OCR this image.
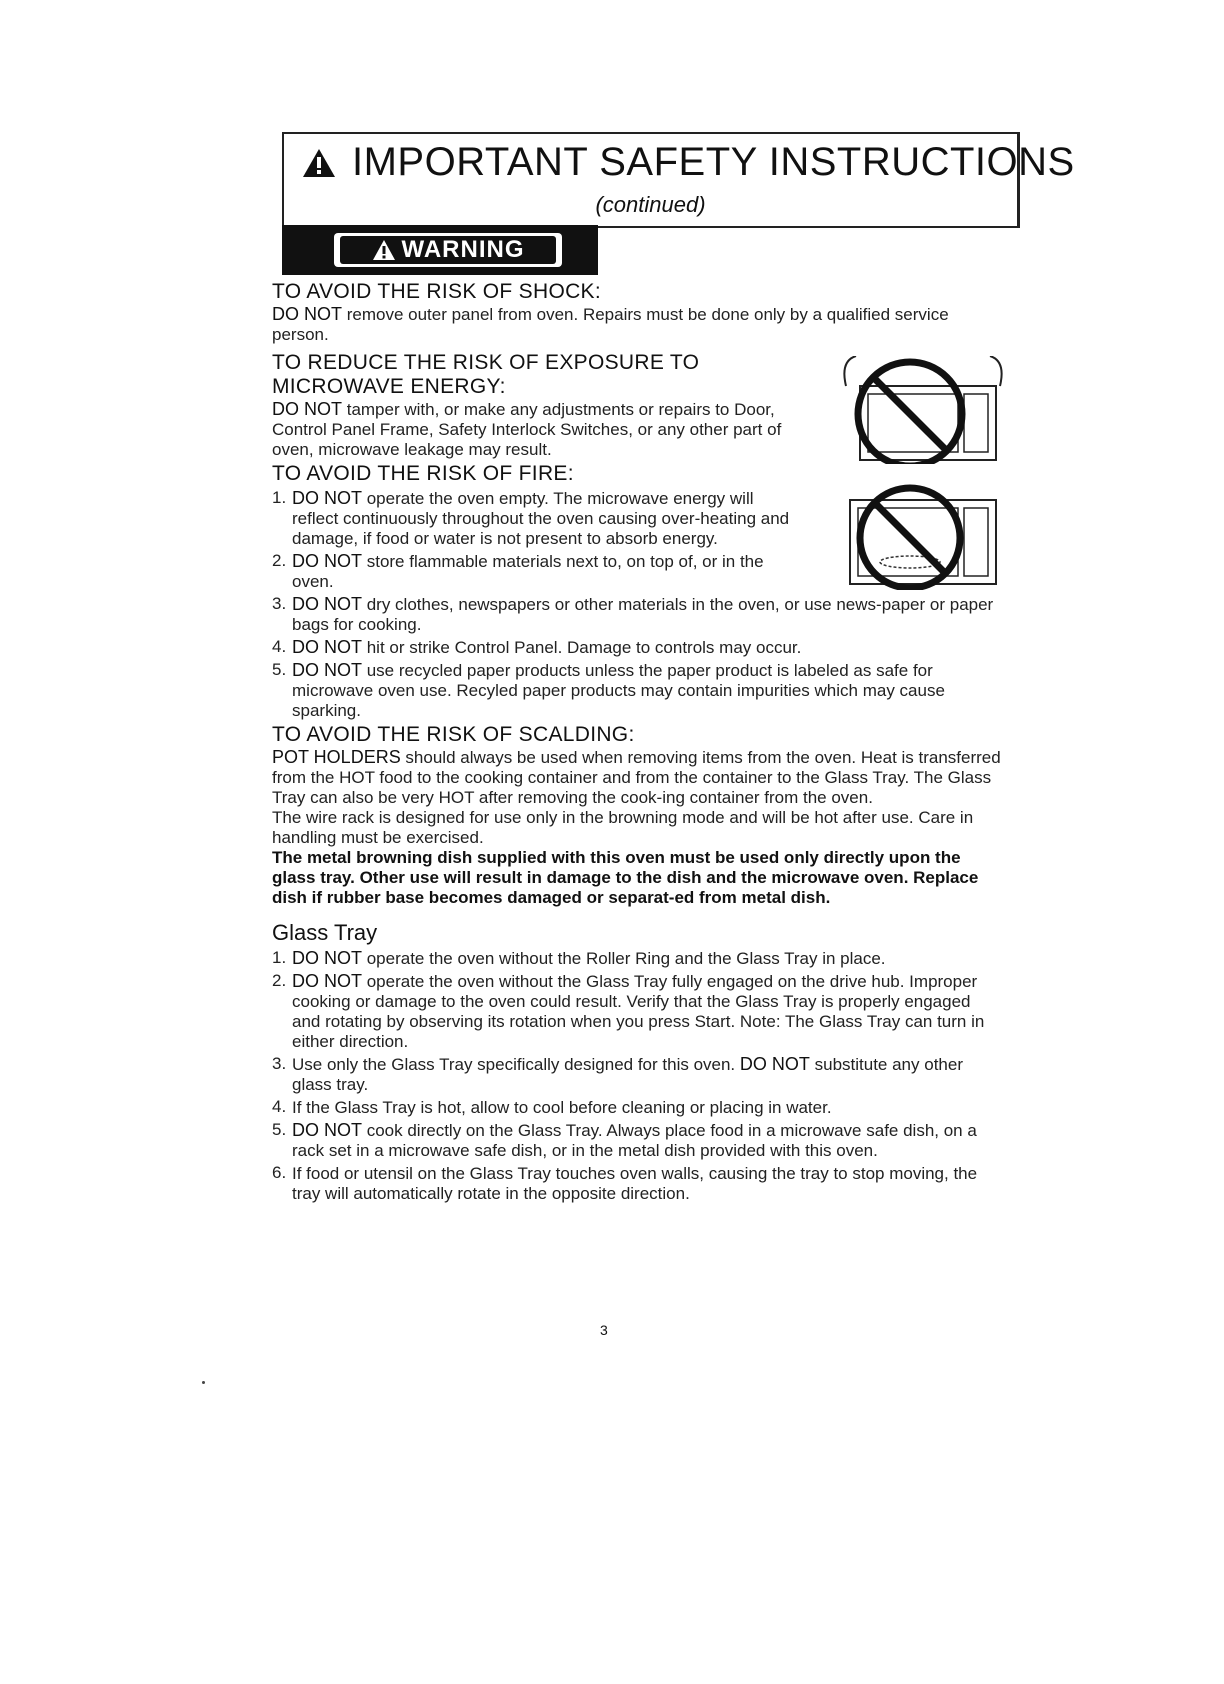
IMPORTANT SAFETY INSTRUCTIONS
(continued)
WARNING
TO AVOID THE RISK OF SHOCK:
DO NOT remove outer panel from oven. Repairs must be done only by a qualified service person.
TO REDUCE THE RISK OF EXPOSURE TO MICROWAVE ENERGY:
DO NOT tamper with, or make any adjustments or repairs to Door, Control Panel Frame, Safety Interlock Switches, or any other part of oven, microwave leakage may result.
TO AVOID THE RISK OF FIRE:
1. DO NOT operate the oven empty. The microwave energy will reflect continuously throughout the oven causing over-heating and damage, if food or water is not present to absorb energy.
2. DO NOT store flammable materials next to, on top of, or in the oven.
3. DO NOT dry clothes, newspapers or other materials in the oven, or use news-paper or paper bags for cooking.
4. DO NOT hit or strike Control Panel. Damage to controls may occur.
5. DO NOT use recycled paper products unless the paper product is labeled as safe for microwave oven use. Recyled paper products may contain impurities which may cause sparking.
TO AVOID THE RISK OF SCALDING:
POT HOLDERS should always be used when removing items from the oven. Heat is transferred from the HOT food to the cooking container and from the container to the Glass Tray. The Glass Tray can also be very HOT after removing the cook-ing container from the oven.
The wire rack is designed for use only in the browning mode and will be hot after use. Care in handling must be exercised.
The metal browning dish supplied with this oven must be used only directly upon the glass tray. Other use will result in damage to the dish and the microwave oven. Replace dish if rubber base becomes damaged or separat-ed from metal dish.
Glass Tray
1. DO NOT operate the oven without the Roller Ring and the Glass Tray in place.
2. DO NOT operate the oven without the Glass Tray fully engaged on the drive hub. Improper cooking or damage to the oven could result. Verify that the Glass Tray is properly engaged and rotating by observing its rotation when you press Start. Note: The Glass Tray can turn in either direction.
3. Use only the Glass Tray specifically designed for this oven. DO NOT substitute any other glass tray.
4. If the Glass Tray is hot, allow to cool before cleaning or placing in water.
5. DO NOT cook directly on the Glass Tray. Always place food in a microwave safe dish, on a rack set in a microwave safe dish, or in the metal dish provided with this oven.
6. If food or utensil on the Glass Tray touches oven walls, causing the tray to stop moving, the tray will automatically rotate in the opposite direction.
3
